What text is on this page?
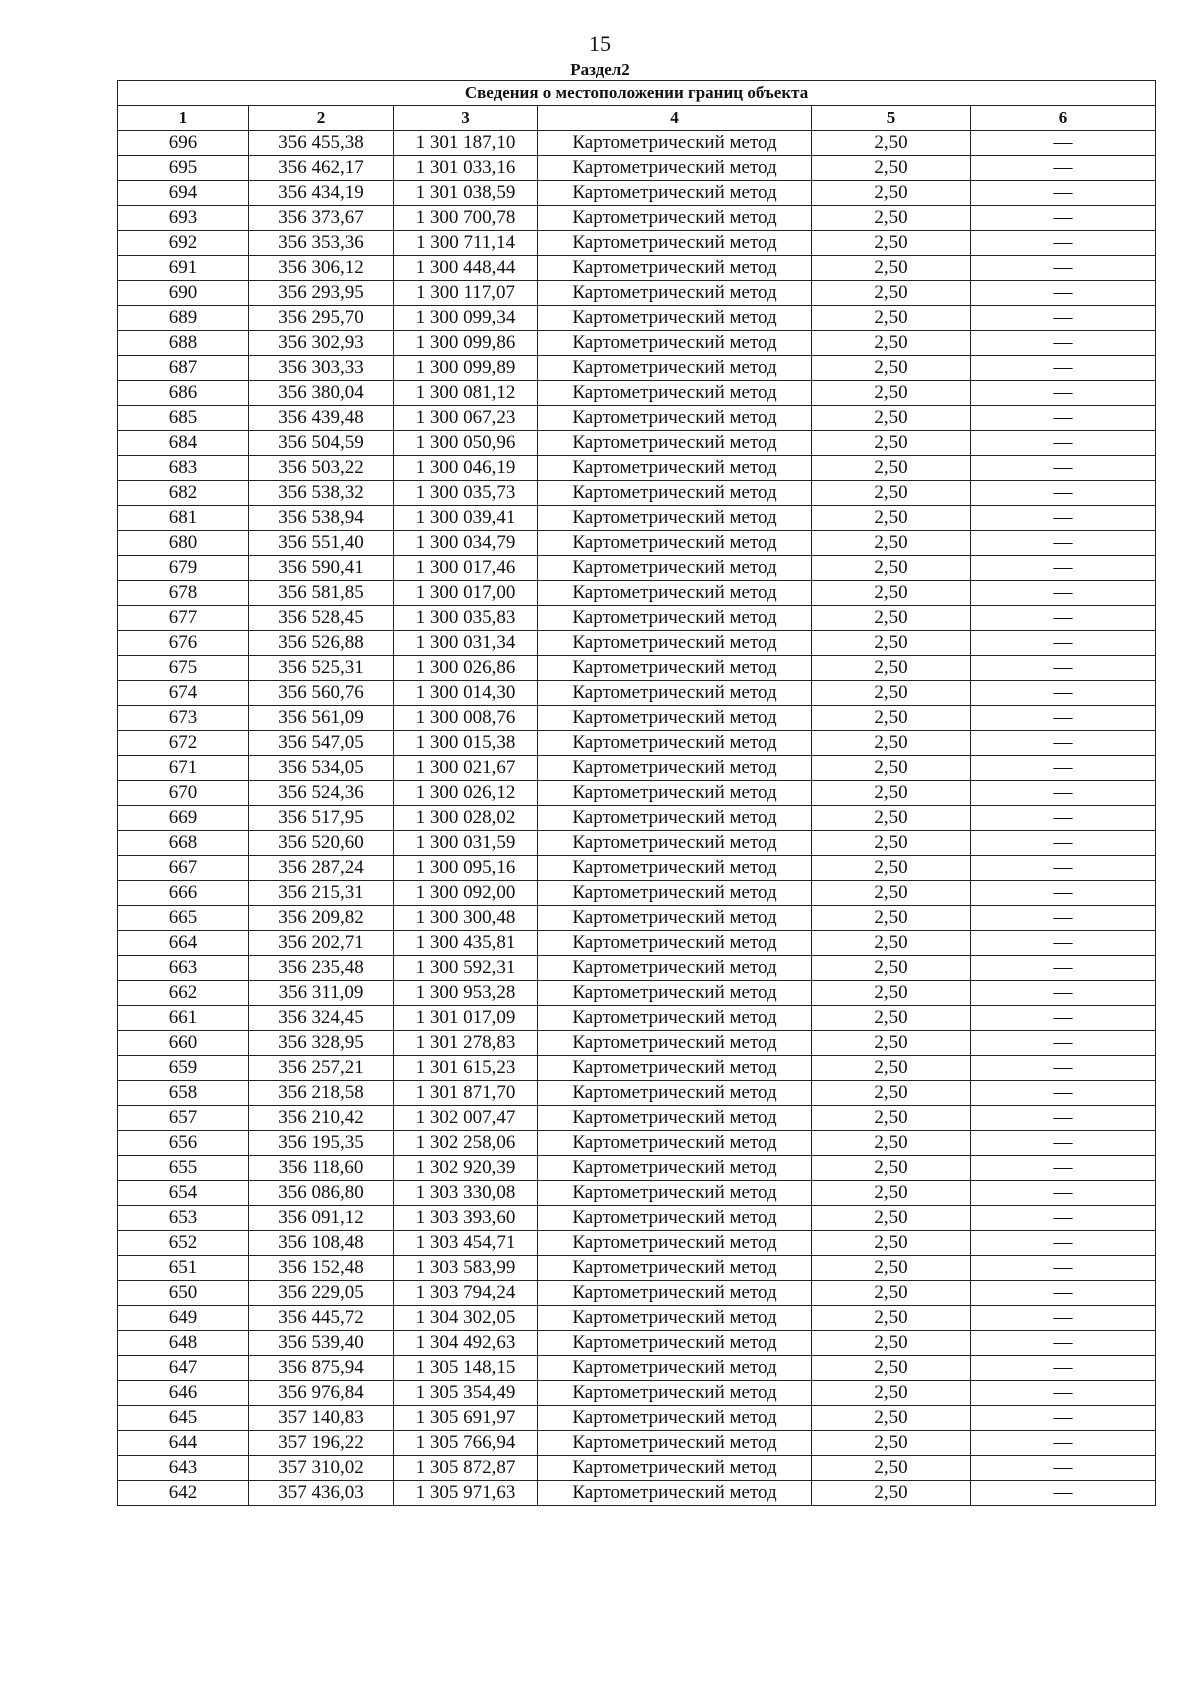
15
Раздел2
Сведения о местоположении границ объекта					
1	2	3	4	5	6
696	356 455,38	1 301 187,10	Картометрический метод	2,50	—
695	356 462,17	1 301 033,16	Картометрический метод	2,50	—
694	356 434,19	1 301 038,59	Картометрический метод	2,50	—
693	356 373,67	1 300 700,78	Картометрический метод	2,50	—
692	356 353,36	1 300 711,14	Картометрический метод	2,50	—
691	356 306,12	1 300 448,44	Картометрический метод	2,50	—
690	356 293,95	1 300 117,07	Картометрический метод	2,50	—
689	356 295,70	1 300 099,34	Картометрический метод	2,50	—
688	356 302,93	1 300 099,86	Картометрический метод	2,50	—
687	356 303,33	1 300 099,89	Картометрический метод	2,50	—
686	356 380,04	1 300 081,12	Картометрический метод	2,50	—
685	356 439,48	1 300 067,23	Картометрический метод	2,50	—
684	356 504,59	1 300 050,96	Картометрический метод	2,50	—
683	356 503,22	1 300 046,19	Картометрический метод	2,50	—
682	356 538,32	1 300 035,73	Картометрический метод	2,50	—
681	356 538,94	1 300 039,41	Картометрический метод	2,50	—
680	356 551,40	1 300 034,79	Картометрический метод	2,50	—
679	356 590,41	1 300 017,46	Картометрический метод	2,50	—
678	356 581,85	1 300 017,00	Картометрический метод	2,50	—
677	356 528,45	1 300 035,83	Картометрический метод	2,50	—
676	356 526,88	1 300 031,34	Картометрический метод	2,50	—
675	356 525,31	1 300 026,86	Картометрический метод	2,50	—
674	356 560,76	1 300 014,30	Картометрический метод	2,50	—
673	356 561,09	1 300 008,76	Картометрический метод	2,50	—
672	356 547,05	1 300 015,38	Картометрический метод	2,50	—
671	356 534,05	1 300 021,67	Картометрический метод	2,50	—
670	356 524,36	1 300 026,12	Картометрический метод	2,50	—
669	356 517,95	1 300 028,02	Картометрический метод	2,50	—
668	356 520,60	1 300 031,59	Картометрический метод	2,50	—
667	356 287,24	1 300 095,16	Картометрический метод	2,50	—
666	356 215,31	1 300 092,00	Картометрический метод	2,50	—
665	356 209,82	1 300 300,48	Картометрический метод	2,50	—
664	356 202,71	1 300 435,81	Картометрический метод	2,50	—
663	356 235,48	1 300 592,31	Картометрический метод	2,50	—
662	356 311,09	1 300 953,28	Картометрический метод	2,50	—
661	356 324,45	1 301 017,09	Картометрический метод	2,50	—
660	356 328,95	1 301 278,83	Картометрический метод	2,50	—
659	356 257,21	1 301 615,23	Картометрический метод	2,50	—
658	356 218,58	1 301 871,70	Картометрический метод	2,50	—
657	356 210,42	1 302 007,47	Картометрический метод	2,50	—
656	356 195,35	1 302 258,06	Картометрический метод	2,50	—
655	356 118,60	1 302 920,39	Картометрический метод	2,50	—
654	356 086,80	1 303 330,08	Картометрический метод	2,50	—
653	356 091,12	1 303 393,60	Картометрический метод	2,50	—
652	356 108,48	1 303 454,71	Картометрический метод	2,50	—
651	356 152,48	1 303 583,99	Картометрический метод	2,50	—
650	356 229,05	1 303 794,24	Картометрический метод	2,50	—
649	356 445,72	1 304 302,05	Картометрический метод	2,50	—
648	356 539,40	1 304 492,63	Картометрический метод	2,50	—
647	356 875,94	1 305 148,15	Картометрический метод	2,50	—
646	356 976,84	1 305 354,49	Картометрический метод	2,50	—
645	357 140,83	1 305 691,97	Картометрический метод	2,50	—
644	357 196,22	1 305 766,94	Картометрический метод	2,50	—
643	357 310,02	1 305 872,87	Картометрический метод	2,50	—
642	357 436,03	1 305 971,63	Картометрический метод	2,50	—
